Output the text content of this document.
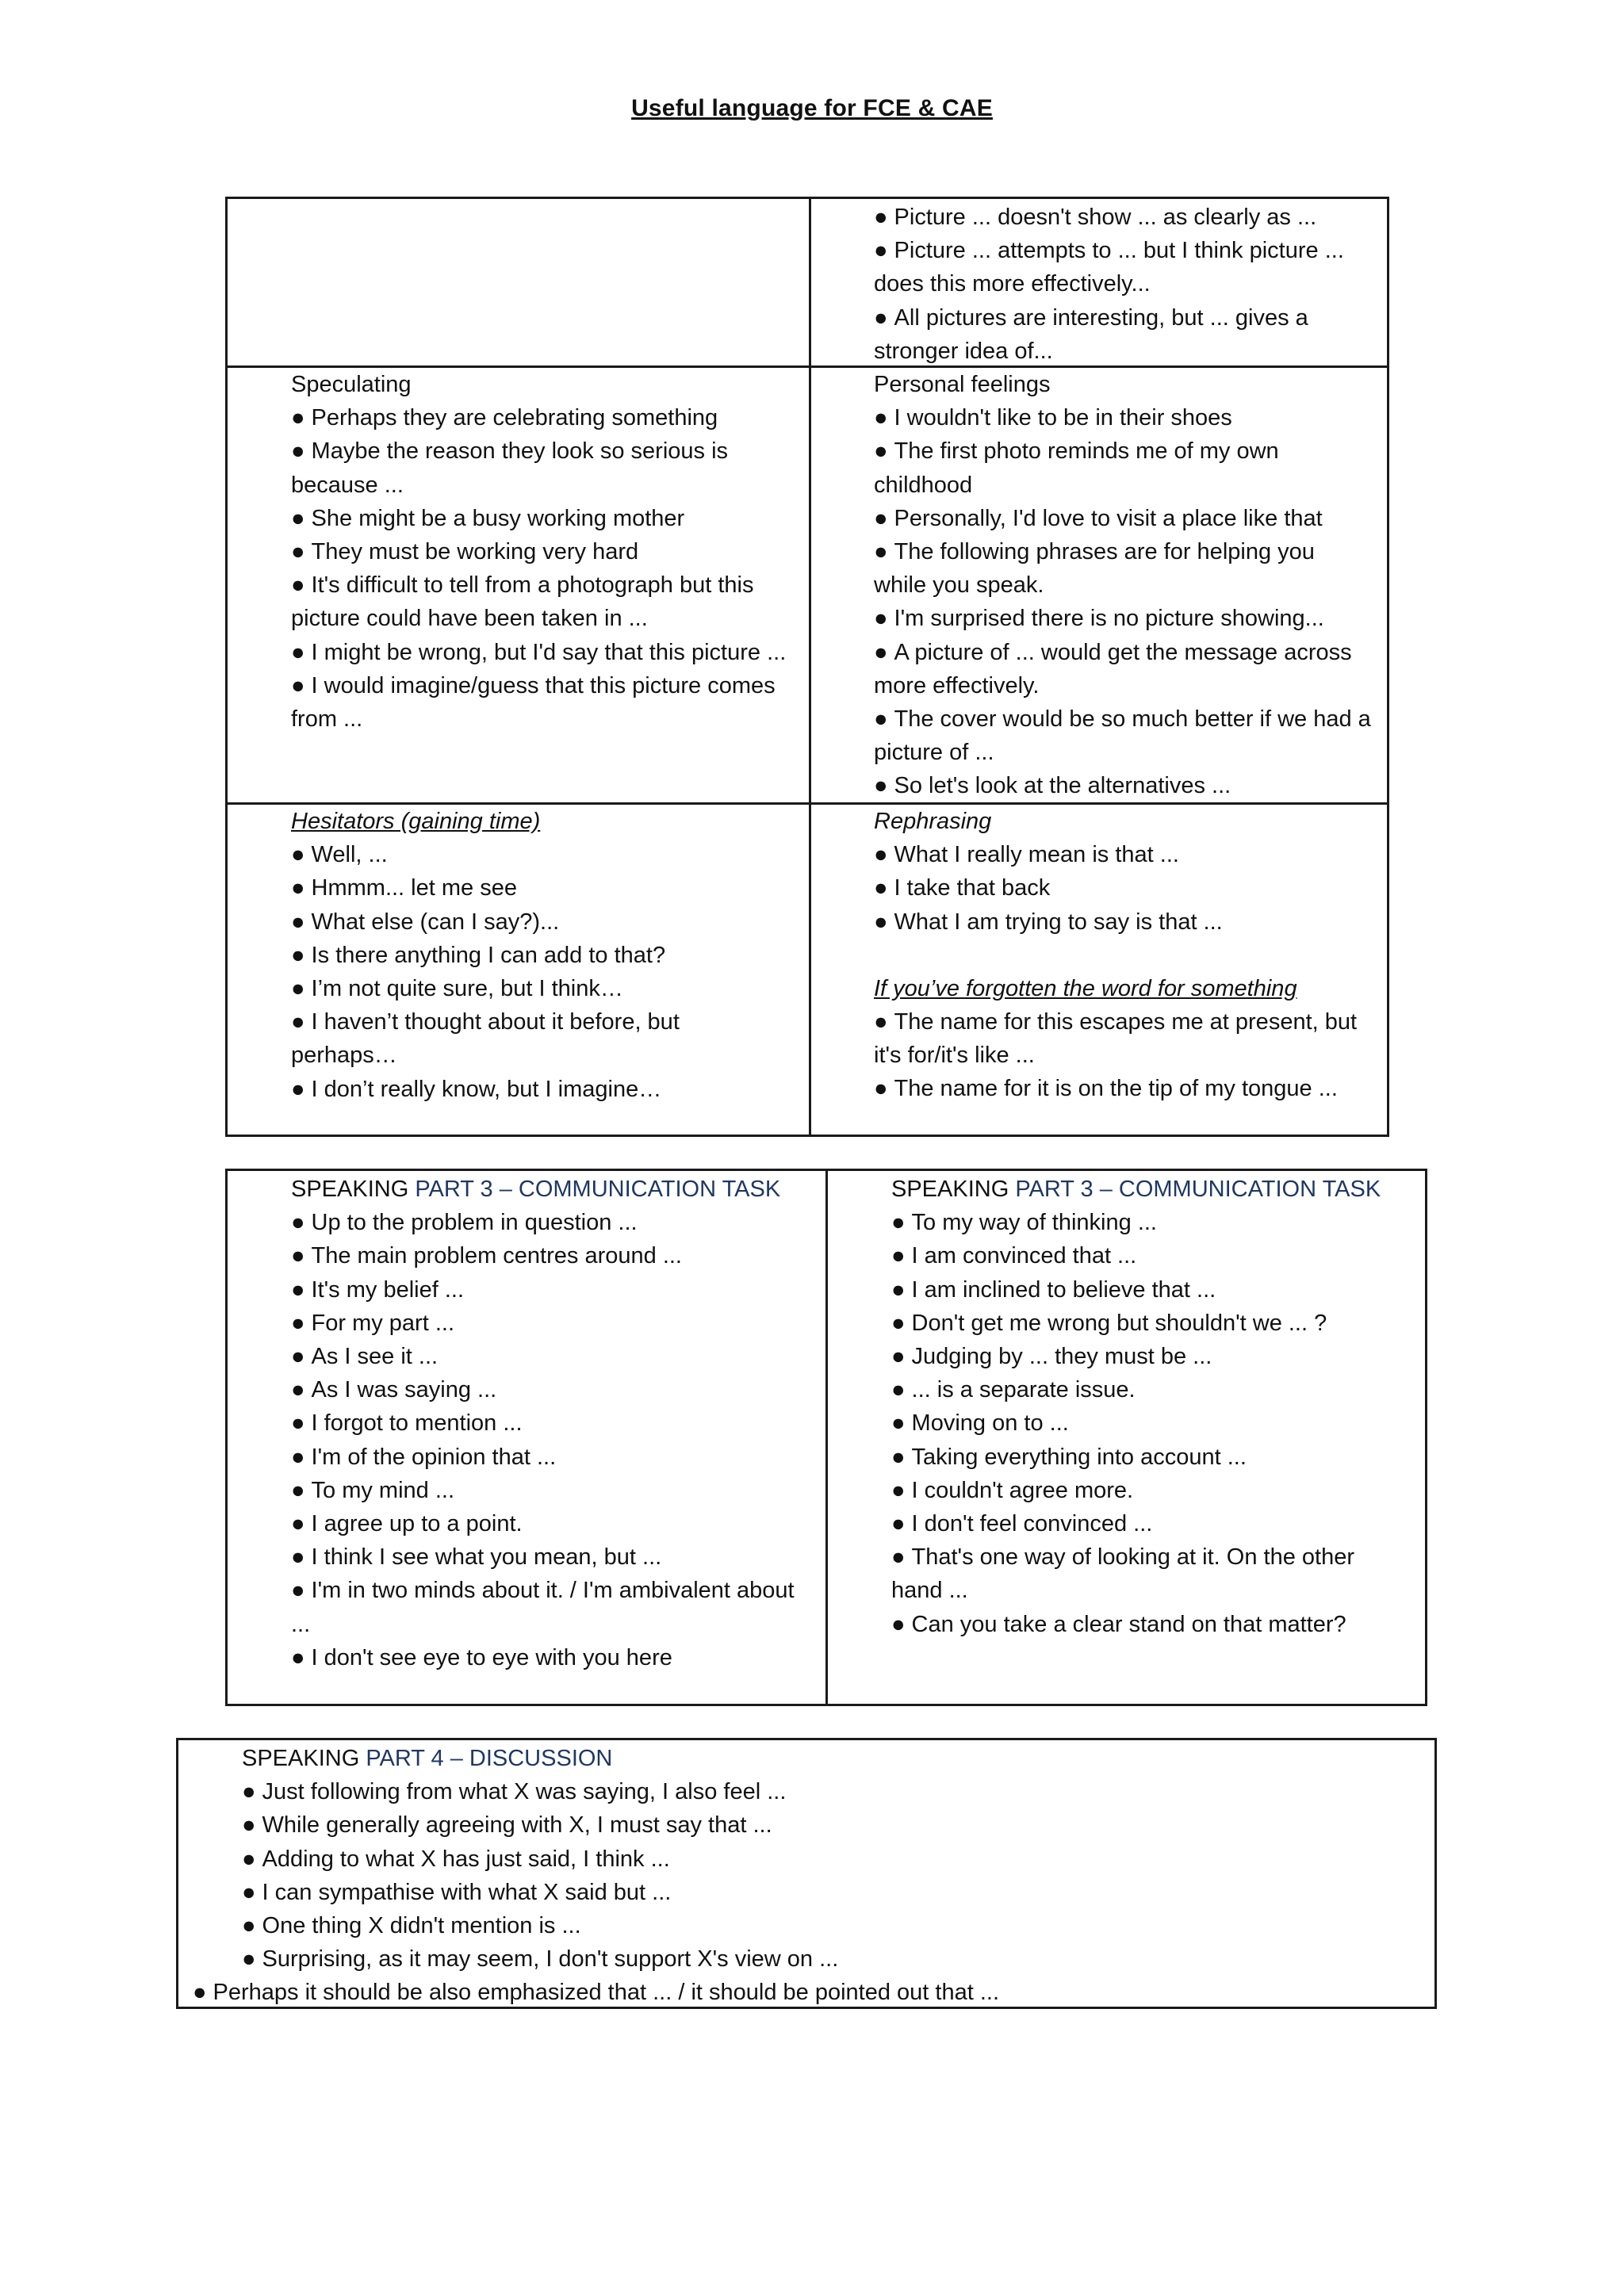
Useful language for FCE & CAE
● Picture ... doesn't show ... as clearly as ...
● Picture ... attempts to ... but I think picture ... does this more effectively...
● All pictures are interesting, but ... gives a stronger idea of...
Speculating
● Perhaps they are celebrating something
● Maybe the reason they look so serious is because ...
● She might be a busy working mother
● They must be working very hard
● It's difficult to tell from a photograph but this picture could have been taken in ...
● I might be wrong, but I'd say that this picture ...
● I would imagine/guess that this picture comes from ...
Personal feelings
● I wouldn't like to be in their shoes
● The first photo reminds me of my own childhood
● Personally, I'd love to visit a place like that
● The following phrases are for helping you while you speak.
● I'm surprised there is no picture showing...
● A picture of ... would get the message across more effectively.
● The cover would be so much better if we had a picture of ...
● So let's look at the alternatives ...
Hesitators (gaining time)
● Well, ...
● Hmmm... let me see
● What else (can I say?)...
● Is there anything I can add to that?
● I’m not quite sure, but I think…
● I haven’t thought about it before, but perhaps…
● I don’t really know, but I imagine…
Rephrasing
● What I really mean is that ...
● I take that back
● What I am trying to say is that ...
If you’ve forgotten the word for something
● The name for this escapes me at present, but it's for/it's like ...
● The name for it is on the tip of my tongue ...
SPEAKING PART 3 – COMMUNICATION TASK
● Up to the problem in question ...
● The main problem centres around ...
● It's my belief ...
● For my part ...
● As I see it ...
● As I was saying ...
● I forgot to mention ...
● I'm of the opinion that ...
● To my mind ...
● I agree up to a point.
● I think I see what you mean, but ...
● I'm in two minds about it. / I'm ambivalent about ...
● I don't see eye to eye with you here
SPEAKING PART 3 – COMMUNICATION TASK
● To my way of thinking ...
● I am convinced that ...
● I am inclined to believe that ...
● Don't get me wrong but shouldn't we ... ?
● Judging by ... they must be ...
● ... is a separate issue.
● Moving on to ...
● Taking everything into account ...
● I couldn't agree more.
● I don't feel convinced ...
● That's one way of looking at it. On the other hand ...
● Can you take a clear stand on that matter?
SPEAKING PART 4 – DISCUSSION
● Just following from what X was saying, I also feel ...
● While generally agreeing with X, I must say that ...
● Adding to what X has just said, I think ...
● I can sympathise with what X said but ...
● One thing X didn't mention is ...
● Surprising, as it may seem, I don't support X's view on ...
● Perhaps it should be also emphasized that ... / it should be pointed out that ...
